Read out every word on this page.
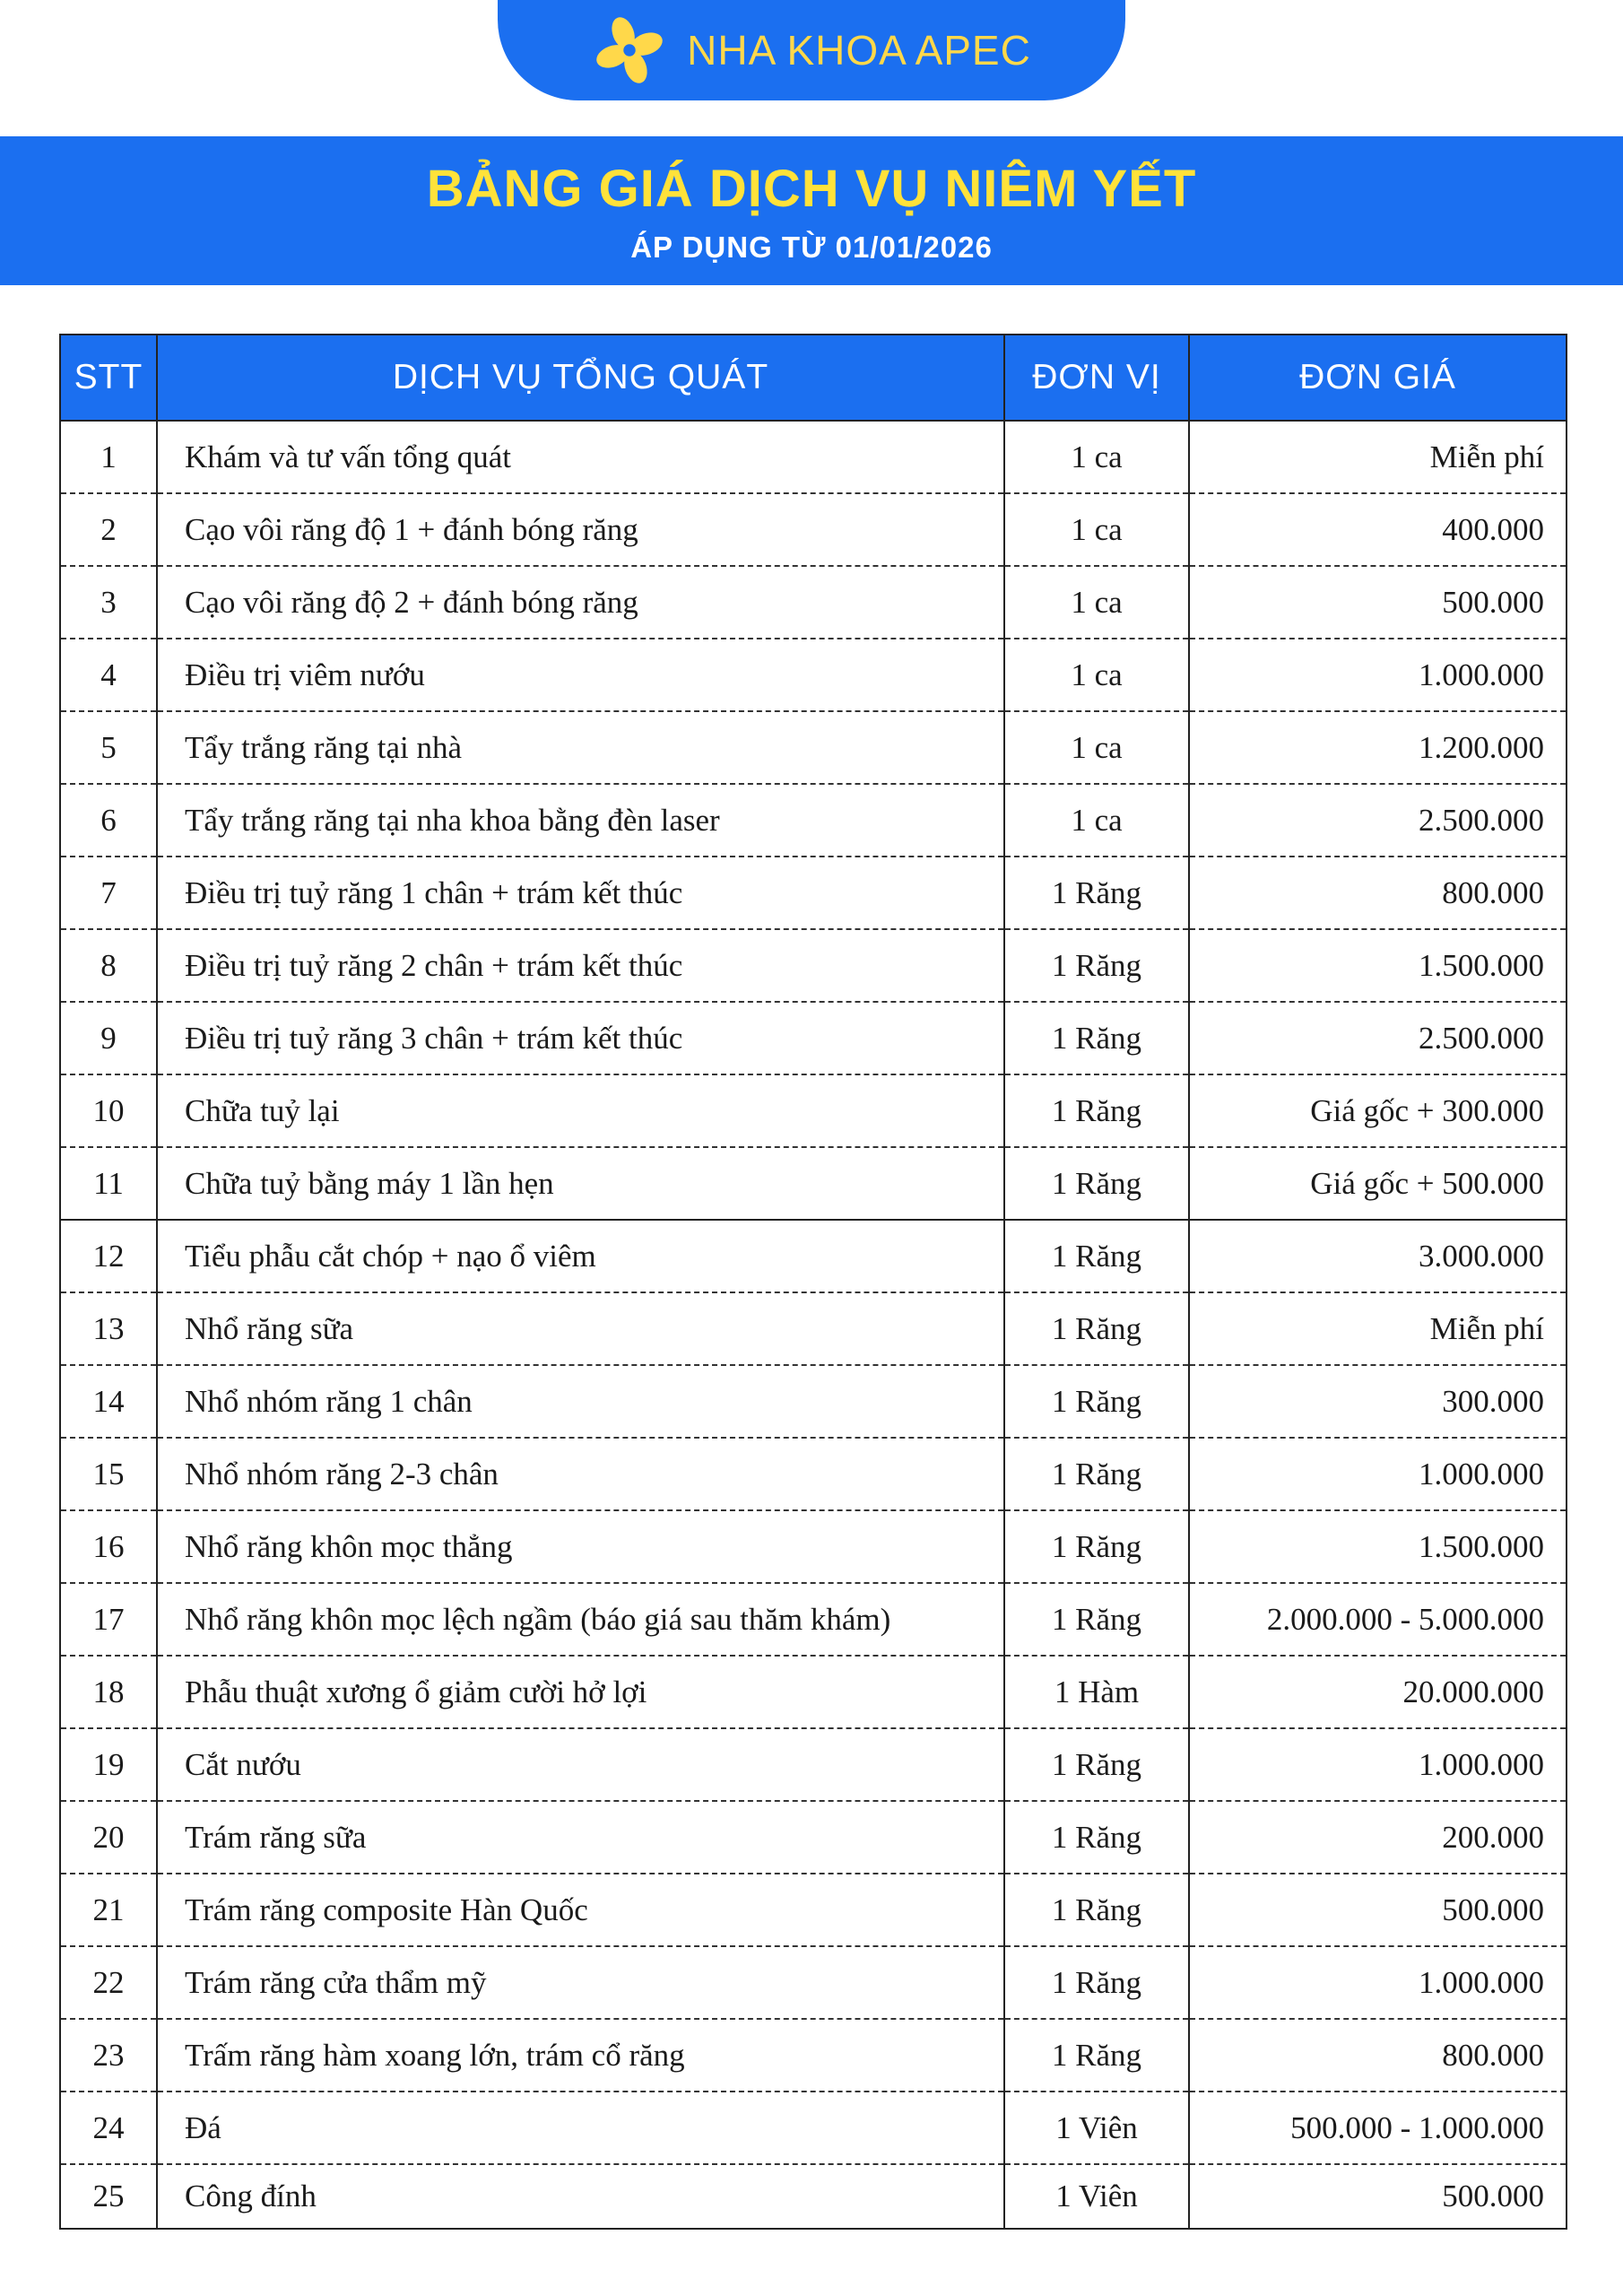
NHA KHOA APEC
BẢNG GIÁ DỊCH VỤ NIÊM YẾT
ÁP DỤNG TỪ 01/01/2026
STT	DỊCH VỤ TỔNG QUÁT	ĐƠN VỊ	ĐƠN GIÁ
1	Khám và tư vấn tổng quát	1 ca	Miễn phí
2	Cạo vôi răng độ 1 + đánh bóng răng	1 ca	400.000
3	Cạo vôi răng độ 2 + đánh bóng răng	1 ca	500.000
4	Điều trị viêm nướu	1 ca	1.000.000
5	Tẩy trắng răng tại nhà	1 ca	1.200.000
6	Tẩy trắng răng tại nha khoa bằng đèn laser	1 ca	2.500.000
7	Điều trị tuỷ răng 1 chân + trám kết thúc	1 Răng	800.000
8	Điều trị tuỷ răng 2 chân + trám kết thúc	1 Răng	1.500.000
9	Điều trị tuỷ răng 3 chân + trám kết thúc	1 Răng	2.500.000
10	Chữa tuỷ lại	1 Răng	Giá gốc + 300.000
11	Chữa tuỷ bằng máy 1 lần hẹn	1 Răng	Giá gốc + 500.000
12	Tiểu phẫu cắt chóp + nạo ổ viêm	1 Răng	3.000.000
13	Nhổ răng sữa	1 Răng	Miễn phí
14	Nhổ nhóm răng 1 chân	1 Răng	300.000
15	Nhổ nhóm răng 2-3 chân	1 Răng	1.000.000
16	Nhổ răng khôn mọc thẳng	1 Răng	1.500.000
17	Nhổ răng khôn mọc lệch ngầm (báo giá sau thăm khám)	1 Răng	2.000.000 - 5.000.000
18	Phẫu thuật xương ổ giảm cười hở lợi	1 Hàm	20.000.000
19	Cắt nướu	1 Răng	1.000.000
20	Trám răng sữa	1 Răng	200.000
21	Trám răng composite Hàn Quốc	1 Răng	500.000
22	Trám răng cửa thẩm mỹ	1 Răng	1.000.000
23	Trấm răng hàm xoang lớn, trám cổ răng	1 Răng	800.000
24	Đá	1 Viên	500.000 - 1.000.000
25	Công đính	1 Viên	500.000
